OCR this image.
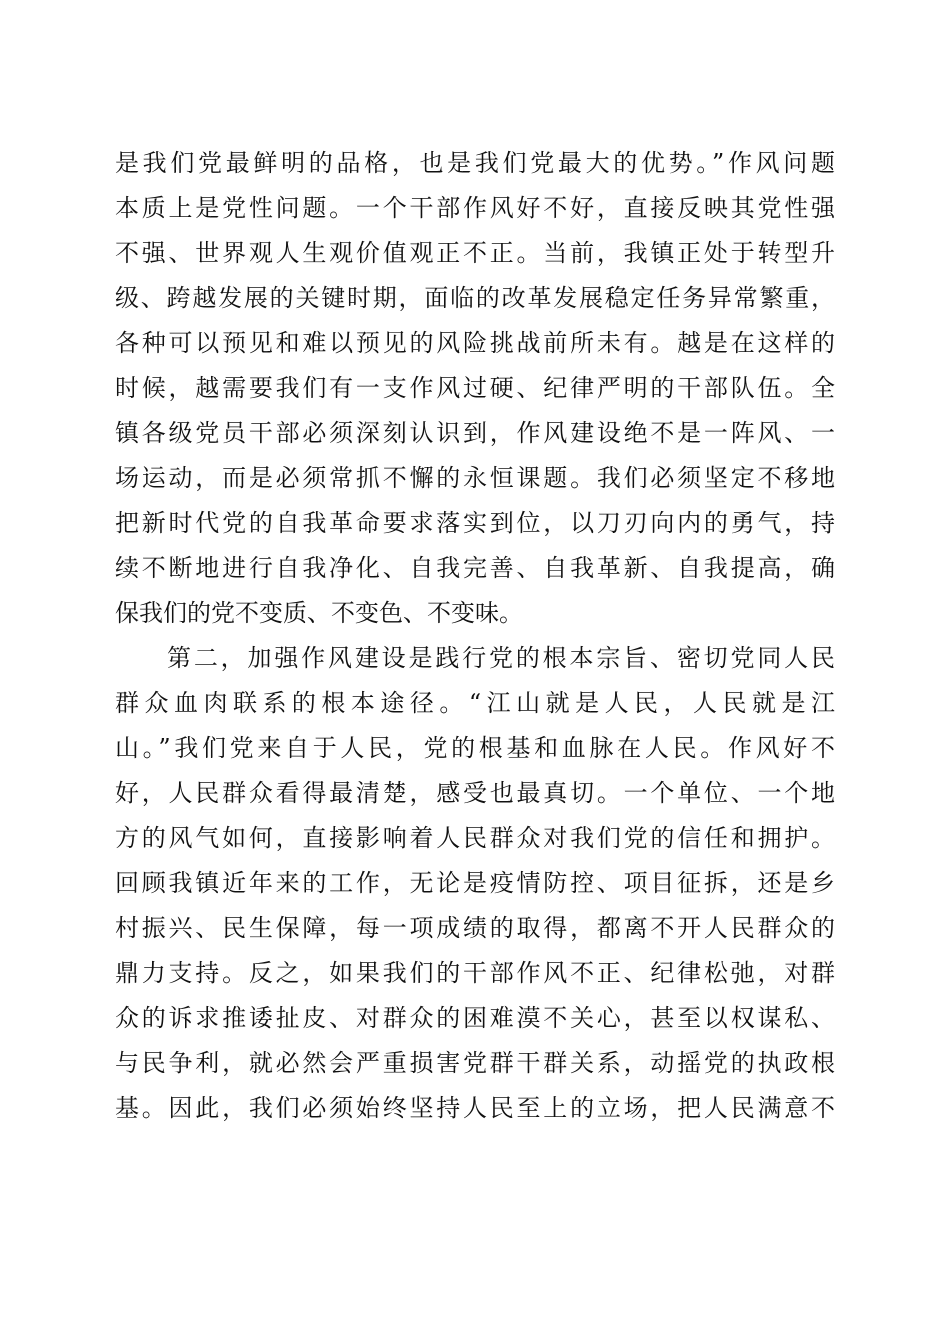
是我们党最鲜明的品格，也是我们党最大的优势。”作风问题
本质上是党性问题。一个干部作风好不好，直接反映其党性强
不强、世界观人生观价值观正不正。当前，我镇正处于转型升
级、跨越发展的关键时期，面临的改革发展稳定任务异常繁重，
各种可以预见和难以预见的风险挑战前所未有。越是在这样的
时候，越需要我们有一支作风过硬、纪律严明的干部队伍。全
镇各级党员干部必须深刻认识到，作风建设绝不是一阵风、一
场运动，而是必须常抓不懈的永恒课题。我们必须坚定不移地
把新时代党的自我革命要求落实到位，以刀刃向内的勇气，持
续不断地进行自我净化、自我完善、自我革新、自我提高，确
保我们的党不变质、不变色、不变味。
第二，加强作风建设是践行党的根本宗旨、密切党同人民
群众血肉联系的根本途径。“江山就是人民，人民就是江
山。”我们党来自于人民，党的根基和血脉在人民。作风好不
好，人民群众看得最清楚，感受也最真切。一个单位、一个地
方的风气如何，直接影响着人民群众对我们党的信任和拥护。
回顾我镇近年来的工作，无论是疫情防控、项目征拆，还是乡
村振兴、民生保障，每一项成绩的取得，都离不开人民群众的
鼎力支持。反之，如果我们的干部作风不正、纪律松弛，对群
众的诉求推诿扯皮、对群众的困难漠不关心，甚至以权谋私、
与民争利，就必然会严重损害党群干群关系，动摇党的执政根
基。因此，我们必须始终坚持人民至上的立场，把人民满意不
